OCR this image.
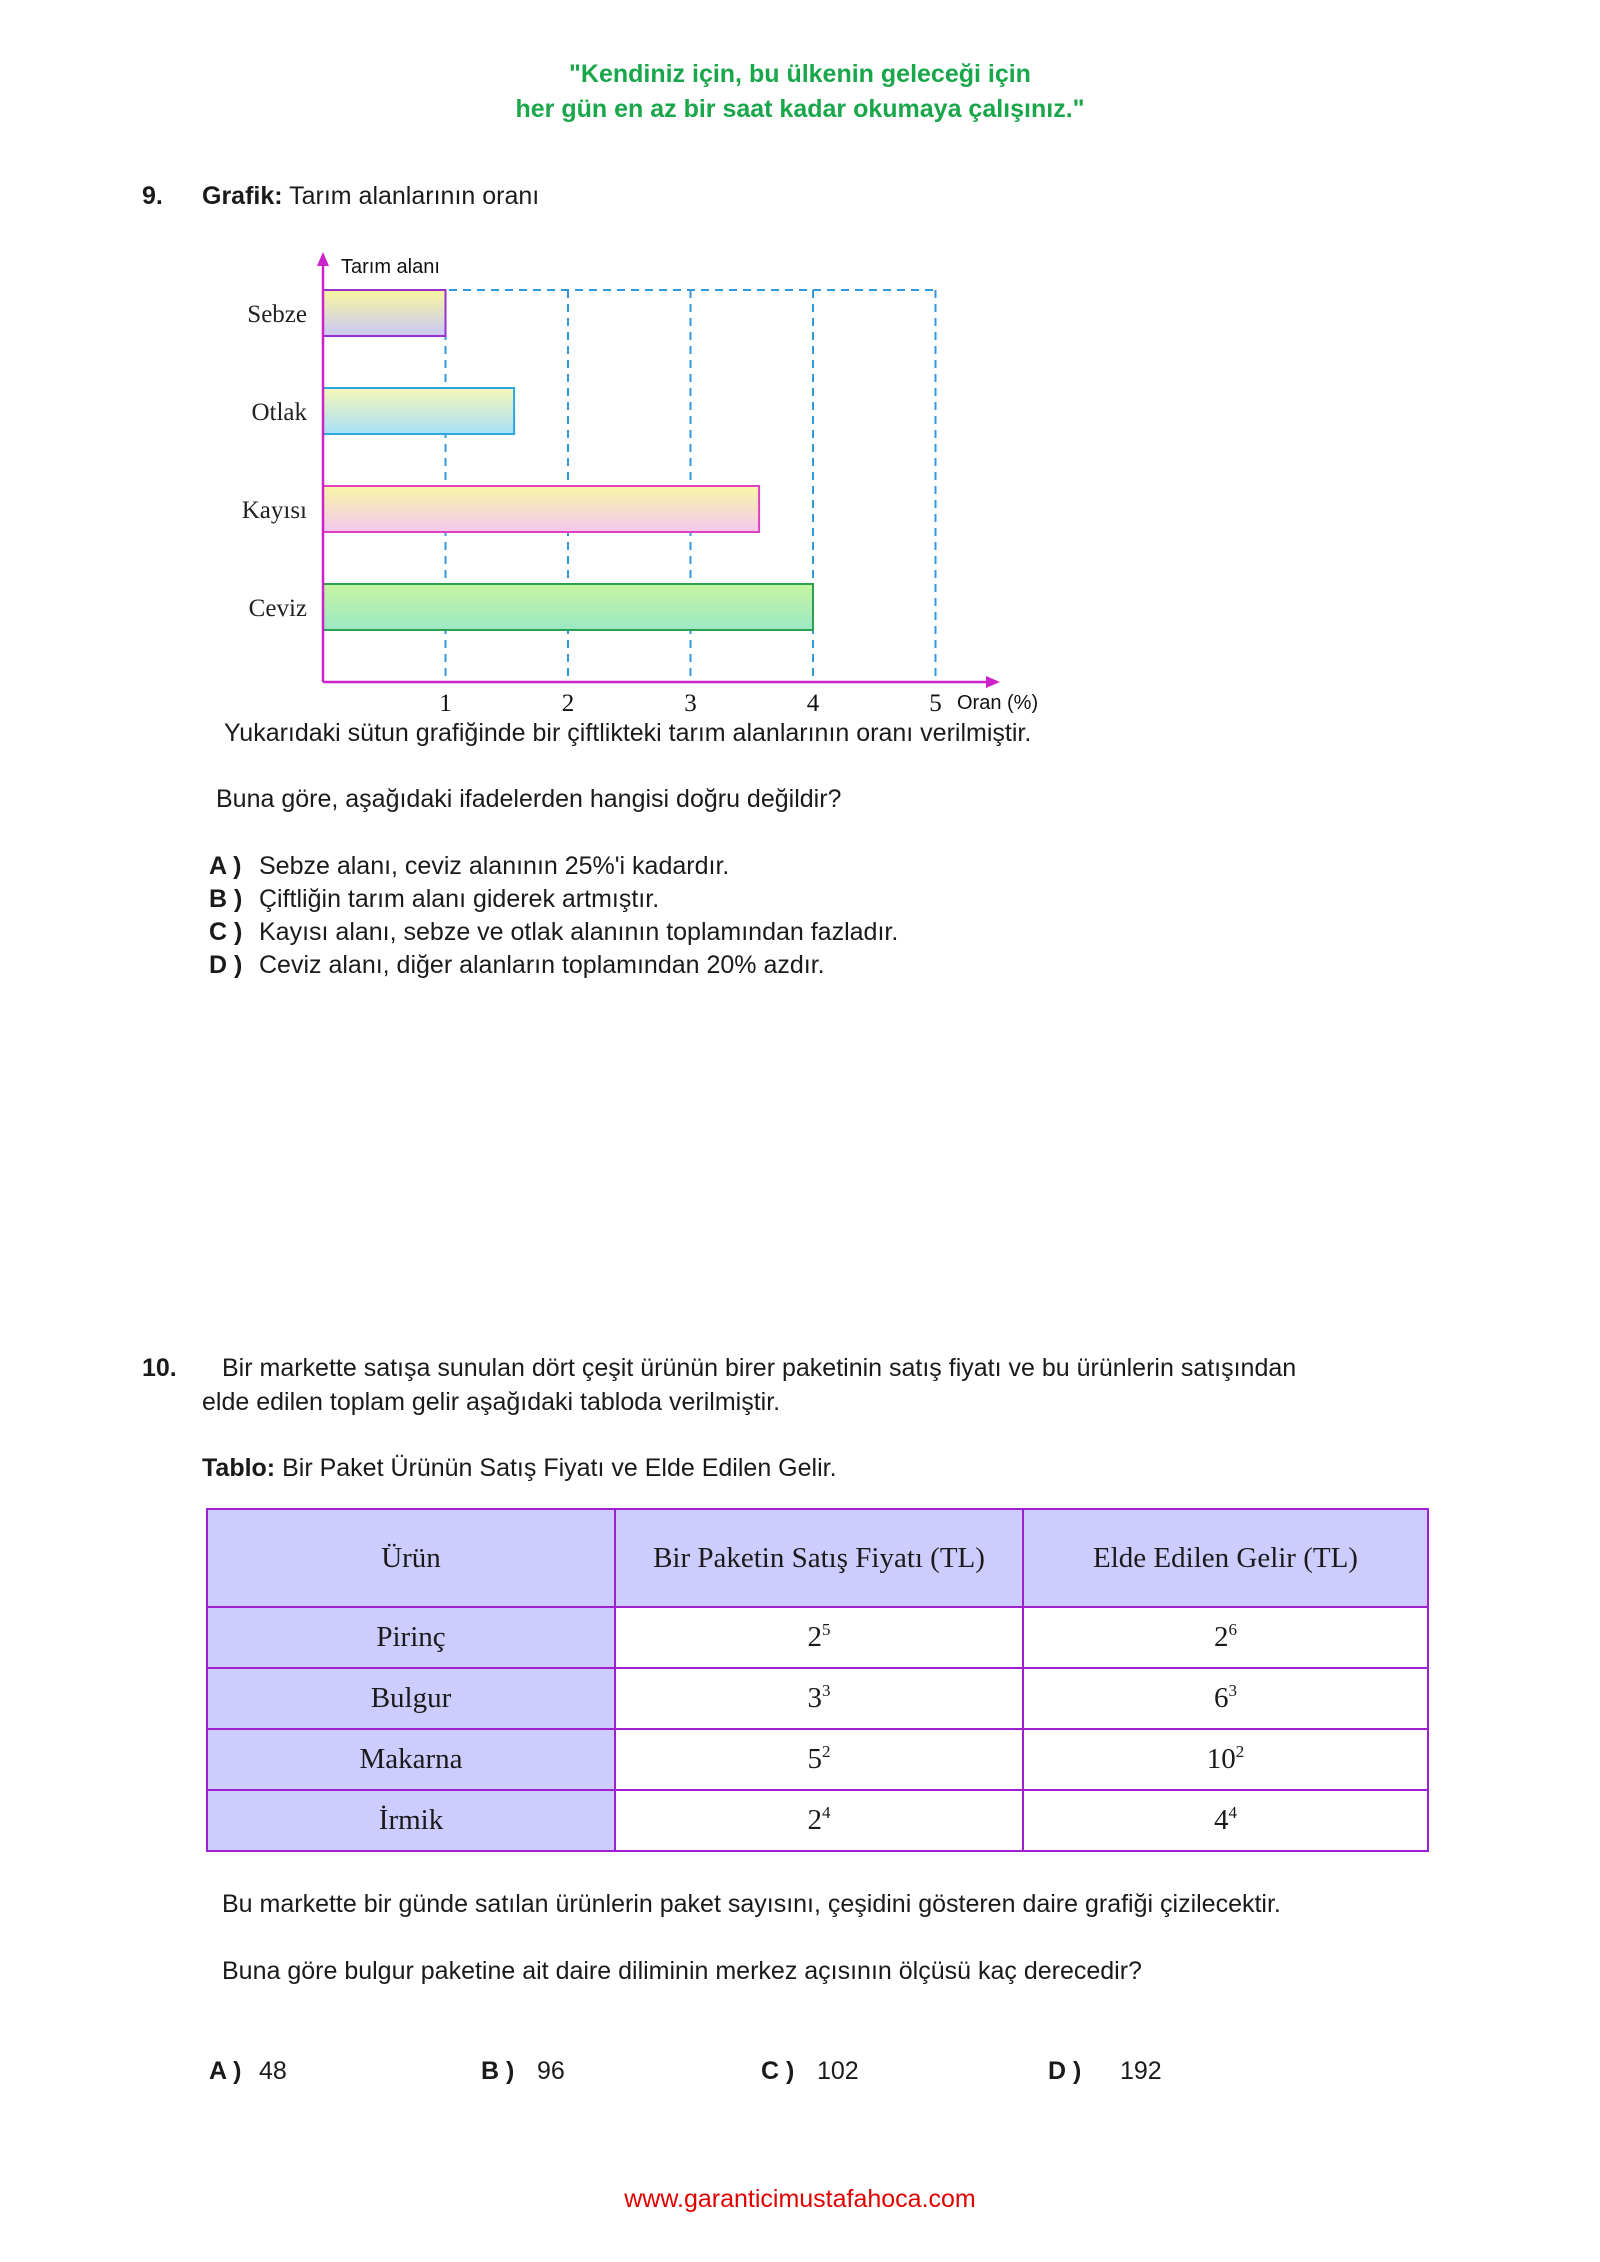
"Kendiniz için, bu ülkenin geleceği için
her gün en az bir saat kadar okumaya çalışınız."
9. Grafik: Tarım alanlarının oranı
1	2	3	4	5
Sebze
Otlak
Kayısı
Ceviz
Tarım alanı
Oran (%)
Yukarıdaki sütun grafiğinde bir çiftlikteki tarım alanlarının oranı verilmiştir.
Buna göre, aşağıdaki ifadelerden hangisi doğru değildir?
A ) Sebze alanı, ceviz alanının 25%'i kadardır.
B ) Çiftliğin tarım alanı giderek artmıştır.
C ) Kayısı alanı, sebze ve otlak alanının toplamından fazladır.
D ) Ceviz alanı, diğer alanların toplamından 20% azdır.
10. Bir markette satışa sunulan dört çeşit ürünün birer paketinin satış fiyatı ve bu ürünlerin satışından
elde edilen toplam gelir aşağıdaki tabloda verilmiştir.
Tablo: Bir Paket Ürünün Satış Fiyatı ve Elde Edilen Gelir.
Ürün	Bir Paketin Satış Fiyatı (TL)	Elde Edilen Gelir (TL)
Pirinç	$2^5$	$2^6$
Bulgur	$3^3$	$6^3$
Makarna	$5^2$	$10^2$
İrmik	$2^4$	$4^4$
Bu markette bir günde satılan ürünlerin paket sayısını, çeşidini gösteren daire grafiği çizilecektir.
Buna göre bulgur paketine ait daire diliminin merkez açısının ölçüsü kaç derecedir?
A ) 48	B ) 96	C ) 102	D ) 192
www.garanticimustafahoca.com
